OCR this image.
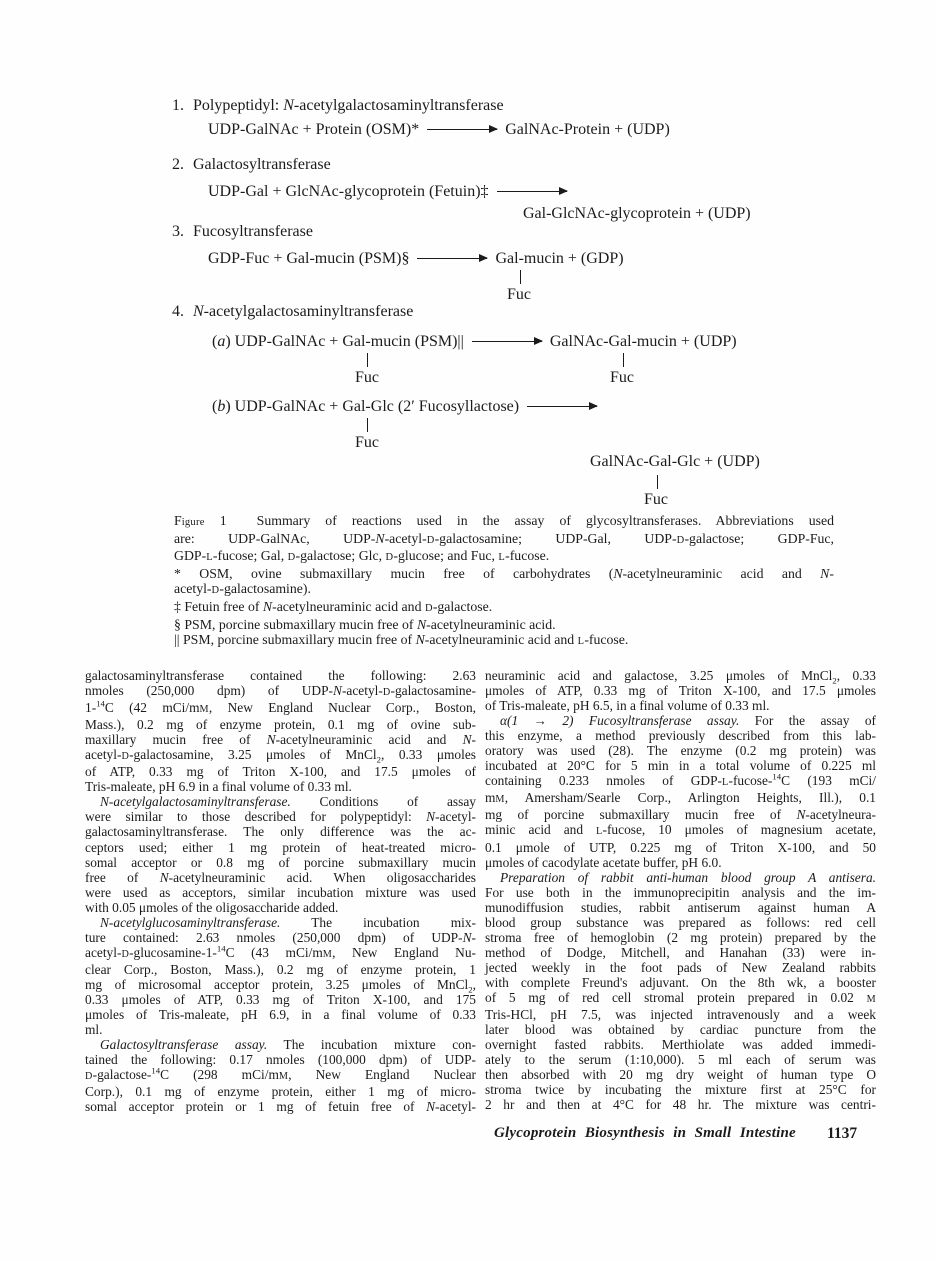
1. Polypeptidyl: N-acetylgalactosaminyltransferase
UDP-GalNAc + Protein (OSM)*	GalNAc-Protein + (UDP)
2. Galactosyltransferase
UDP-Gal + GlcNAc-glycoprotein (Fetuin)‡
Gal-GlcNAc-glycoprotein + (UDP)
3. Fucosyltransferase
GDP-Fuc + Gal-mucin (PSM)§	Gal-mucin + (GDP)
Fuc
4. N-acetylgalactosaminyltransferase
(a) UDP-GalNAc + Gal-mucin (PSM)||	GalNAc-Gal-mucin + (UDP)
Fuc	Fuc
(b) UDP-GalNAc + Gal-Glc (2′ Fucosyllactose)
Fuc
GalNAc-Gal-Glc + (UDP)
Fuc
Figure 1  Summary of reactions used in the assay of glycosyltransferases. Abbreviations used
are: UDP-GalNAc, UDP-N-acetyl-D-galactosamine; UDP-Gal, UDP-D-galactose; GDP-Fuc,
GDP-L-fucose; Gal, D-galactose; Glc, D-glucose; and Fuc, L-fucose.
* OSM, ovine submaxillary mucin free of carbohydrates (N-acetylneuraminic acid and N-
acetyl-D-galactosamine).
‡ Fetuin free of N-acetylneuraminic acid and D-galactose.
§ PSM, porcine submaxillary mucin free of N-acetylneuraminic acid.
|| PSM, porcine submaxillary mucin free of N-acetylneuraminic acid and L-fucose.
galactosaminyltransferase contained the following: 2.63
nmoles (250,000 dpm) of UDP-N-acetyl-D-galactosamine-
1-$^{14}$C (42 mCi/mM, New England Nuclear Corp., Boston,
Mass.), 0.2 mg of enzyme protein, 0.1 mg of ovine sub-
maxillary mucin free of N-acetylneuraminic acid and N-
acetyl-D-galactosamine, 3.25 μmoles of MnCl$_2$, 0.33 μmoles
of ATP, 0.33 mg of Triton X-100, and 17.5 μmoles of
Tris-maleate, pH 6.9 in a final volume of 0.33 ml.
N-acetylgalactosaminyltransferase. Conditions of assay
were similar to those described for polypeptidyl: N-acetyl-
galactosaminyltransferase. The only difference was the ac-
ceptors used; either 1 mg protein of heat-treated micro-
somal acceptor or 0.8 mg of porcine submaxillary mucin
free of N-acetylneuraminic acid. When oligosaccharides
were used as acceptors, similar incubation mixture was used
with 0.05 μmoles of the oligosaccharide added.
N-acetylglucosaminyltransferase. The incubation mix-
ture contained: 2.63 nmoles (250,000 dpm) of UDP-N-
acetyl-D-glucosamine-1-$^{14}$C (43 mCi/mM, New England Nu-
clear Corp., Boston, Mass.), 0.2 mg of enzyme protein, 1
mg of microsomal acceptor protein, 3.25 μmoles of MnCl$_2$,
0.33 μmoles of ATP, 0.33 mg of Triton X-100, and 175
μmoles of Tris-maleate, pH 6.9, in a final volume of 0.33
ml.
Galactosyltransferase assay. The incubation mixture con-
tained the following: 0.17 nmoles (100,000 dpm) of UDP-
D-galactose-$^{14}$C (298 mCi/mM, New England Nuclear
Corp.), 0.1 mg of enzyme protein, either 1 mg of micro-
somal acceptor protein or 1 mg of fetuin free of N-acetyl-
neuraminic acid and galactose, 3.25 μmoles of MnCl$_2$, 0.33
μmoles of ATP, 0.33 mg of Triton X-100, and 17.5 μmoles
of Tris-maleate, pH 6.5, in a final volume of 0.33 ml.
α(1 → 2) Fucosyltransferase assay. For the assay of
this enzyme, a method previously described from this lab-
oratory was used (28). The enzyme (0.2 mg protein) was
incubated at 20°C for 5 min in a total volume of 0.225 ml
containing 0.233 nmoles of GDP-L-fucose-$^{14}$C (193 mCi/
mM, Amersham/Searle Corp., Arlington Heights, Ill.), 0.1
mg of porcine submaxillary mucin free of N-acetylneura-
minic acid and L-fucose, 10 μmoles of magnesium acetate,
0.1 μmole of UTP, 0.225 mg of Triton X-100, and 50
μmoles of cacodylate acetate buffer, pH 6.0.
Preparation of rabbit anti-human blood group A antisera.
For use both in the immunoprecipitin analysis and the im-
munodiffusion studies, rabbit antiserum against human A
blood group substance was prepared as follows: red cell
stroma free of hemoglobin (2 mg protein) prepared by the
method of Dodge, Mitchell, and Hanahan (33) were in-
jected weekly in the foot pads of New Zealand rabbits
with complete Freund's adjuvant. On the 8th wk, a booster
of 5 mg of red cell stromal protein prepared in 0.02 M
Tris-HCl, pH 7.5, was injected intravenously and a week
later blood was obtained by cardiac puncture from the
overnight fasted rabbits. Merthiolate was added immedi-
ately to the serum (1:10,000). 5 ml each of serum was
then absorbed with 20 mg dry weight of human type O
stroma twice by incubating the mixture first at 25°C for
2 hr and then at 4°C for 48 hr. The mixture was centri-
Glycoprotein Biosynthesis in Small Intestine 1137
